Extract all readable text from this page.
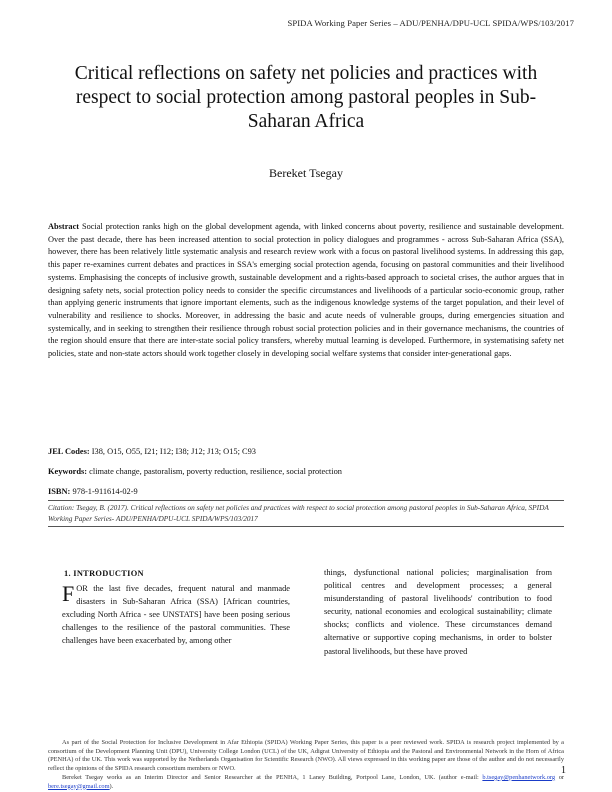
SPIDA Working Paper Series – ADU/PENHA/DPU-UCL SPIDA/WPS/103/2017
Critical reflections on safety net policies and practices with respect to social protection among pastoral peoples in Sub-Saharan Africa
Bereket Tsegay
Abstract Social protection ranks high on the global development agenda, with linked concerns about poverty, resilience and sustainable development. Over the past decade, there has been increased attention to social protection in policy dialogues and programmes - across Sub-Saharan Africa (SSA), however, there has been relatively little systematic analysis and research review work with a focus on pastoral livelihood systems. In addressing this gap, this paper re-examines current debates and practices in SSA's emerging social protection agenda, focusing on pastoral communities and their livelihood systems. Emphasising the concepts of inclusive growth, sustainable development and a rights-based approach to societal crises, the author argues that in designing safety nets, social protection policy needs to consider the specific circumstances and livelihoods of a particular socio-economic group, rather than applying generic instruments that ignore important elements, such as the indigenous knowledge systems of the target population, and their level of vulnerability and resilience to shocks. Moreover, in addressing the basic and acute needs of vulnerable groups, during emergencies situation and systemically, and in seeking to strengthen their resilience through robust social protection policies and in their governance mechanisms, the countries of the region should ensure that there are inter-state social policy transfers, whereby mutual learning is developed. Furthermore, in systematising safety net policies, state and non-state actors should work together closely in developing social welfare systems that consider inter-generational gaps.
JEL Codes: I38, O15, O55, I21; I12; I38; J12; J13; O15; C93
Keywords: climate change, pastoralism, poverty reduction, resilience, social protection
ISBN: 978-1-911614-02-9
Citation: Tsegay, B. (2017). Critical reflections on safety net policies and practices with respect to social protection among pastoral peoples in Sub-Saharan Africa, SPIDA Working Paper Series- ADU/PENHA/DPU-UCL SPIDA/WPS/103/2017
1. INTRODUCTION
F OR the last five decades, frequent natural and manmade disasters in Sub-Saharan Africa (SSA) [African countries, excluding North Africa - see UNSTATS] have been posing serious challenges to the resilience of the pastoral communities. These challenges have been exacerbated by, among other
things, dysfunctional national policies; marginalisation from political centres and development processes; a general misunderstanding of pastoral livelihoods' contribution to food security, national economies and ecological sustainability; climate shocks; conflicts and violence. These circumstances demand alternative or supportive coping mechanisms, in order to bolster pastoral livelihoods, but these have proved

As part of the Social Protection for Inclusive Development in Afar Ethiopia (SPIDA) Working Paper Series, this paper is a peer reviewed work. SPIDA is research project implemented by a consortium of the Development Planning Unit (DPU), University College London (UCL) of the UK, Adigrat University of Ethiopia and the Pastoral and Environmental Network in the Horn of Africa (PENHA) of the UK. This work was supported by the Netherlands Organisation for Scientific Research (NWO). All views expressed in this working paper are those of the author and do not necessarily reflect the opinions of the SPIDA research consortium members or NWO.

Bereket Tsegay works as an Interim Director and Senior Researcher at the PENHA, 1 Laney Building, Portpool Lane, London, UK. (author e-mail: b.tsegay@penhanetwork.org or bere.tsegay@gmail.com).

1
